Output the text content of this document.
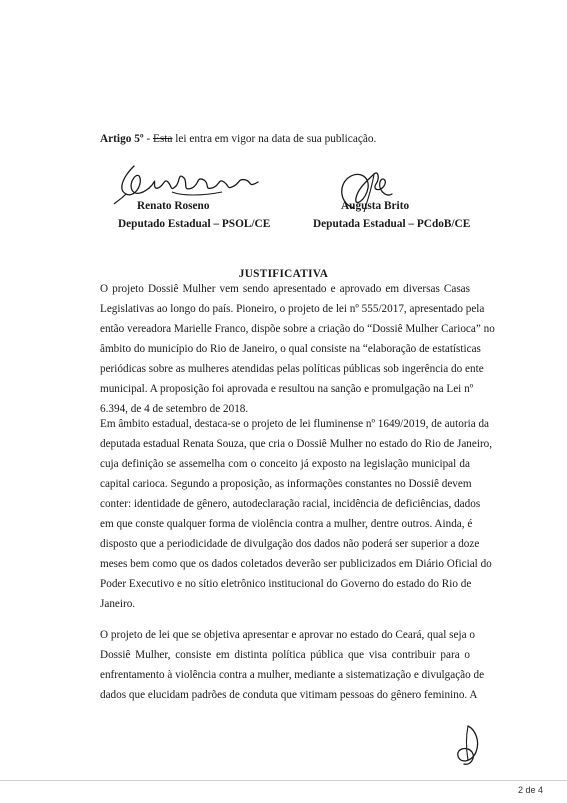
Artigo 5º - Esta lei entra em vigor na data de sua publicação.
Renato Roseno
Deputado Estadual – PSOL/CE
Augusta Brito
Deputada Estadual – PCdoB/CE
JUSTIFICATIVA
O projeto Dossiê Mulher vem sendo apresentado e aprovado em diversas Casas
Legislativas ao longo do país. Pioneiro, o projeto de lei nº 555/2017, apresentado pela
então vereadora Marielle Franco, dispõe sobre a criação do “Dossiê Mulher Carioca” no
âmbito do município do Rio de Janeiro, o qual consiste na “elaboração de estatísticas
periódicas sobre as mulheres atendidas pelas políticas públicas sob ingerência do ente
municipal. A proposição foi aprovada e resultou na sanção e promulgação na Lei nº
6.394, de 4 de setembro de 2018.
Em âmbito estadual, destaca-se o projeto de lei fluminense nº 1649/2019, de autoria da
deputada estadual Renata Souza, que cria o Dossiê Mulher no estado do Rio de Janeiro,
cuja definição se assemelha com o conceito já exposto na legislação municipal da
capital carioca. Segundo a proposição, as informações constantes no Dossiê devem
conter: identidade de gênero, autodeclaração racial, incidência de deficiências, dados
em que conste qualquer forma de violência contra a mulher, dentre outros. Ainda, é
disposto que a periodicidade de divulgação dos dados não poderá ser superior a doze
meses bem como que os dados coletados deverão ser publicizados em Diário Oficial do
Poder Executivo e no sítio eletrônico institucional do Governo do estado do Rio de
Janeiro.
O projeto de lei que se objetiva apresentar e aprovar no estado do Ceará, qual seja o
Dossiê Mulher, consiste em distinta política pública que visa contribuir para o
enfrentamento à violência contra a mulher, mediante a sistematização e divulgação de
dados que elucidam padrões de conduta que vitimam pessoas do gênero feminino. A
2 de 4
